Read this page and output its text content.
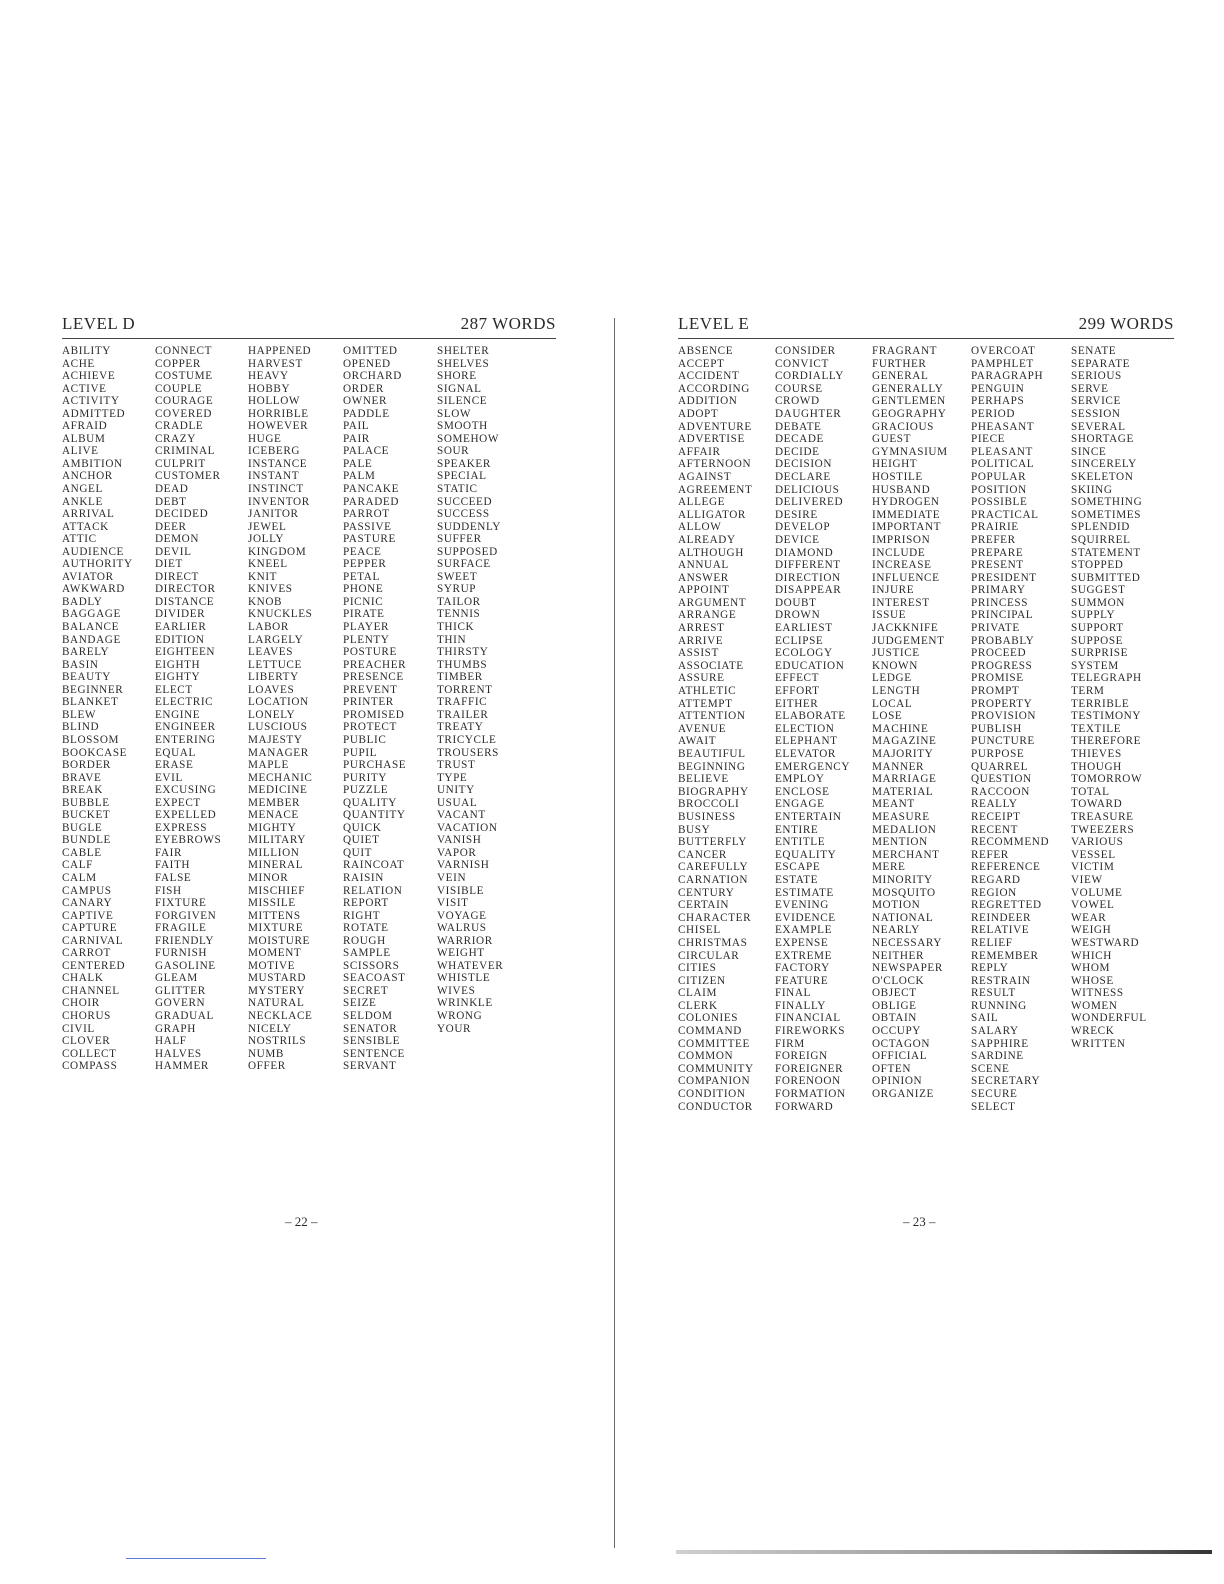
LEVEL D	287 WORDS
ABILITY
ACHE
ACHIEVE
ACTIVE
ACTIVITY
ADMITTED
AFRAID
ALBUM
ALIVE
AMBITION
ANCHOR
ANGEL
ANKLE
ARRIVAL
ATTACK
ATTIC
AUDIENCE
AUTHORITY
AVIATOR
AWKWARD
BADLY
BAGGAGE
BALANCE
BANDAGE
BARELY
BASIN
BEAUTY
BEGINNER
BLANKET
BLEW
BLIND
BLOSSOM
BOOKCASE
BORDER
BRAVE
BREAK
BUBBLE
BUCKET
BUGLE
BUNDLE
CABLE
CALF
CALM
CAMPUS
CANARY
CAPTIVE
CAPTURE
CARNIVAL
CARROT
CENTERED
CHALK
CHANNEL
CHOIR
CHORUS
CIVIL
CLOVER
COLLECT
COMPASS
CONNECT
COPPER
COSTUME
COUPLE
COURAGE
COVERED
CRADLE
CRAZY
CRIMINAL
CULPRIT
CUSTOMER
DEAD
DEBT
DECIDED
DEER
DEMON
DEVIL
DIET
DIRECT
DIRECTOR
DISTANCE
DIVIDER
EARLIER
EDITION
EIGHTEEN
EIGHTH
EIGHTY
ELECT
ELECTRIC
ENGINE
ENGINEER
ENTERING
EQUAL
ERASE
EVIL
EXCUSING
EXPECT
EXPELLED
EXPRESS
EYEBROWS
FAIR
FAITH
FALSE
FISH
FIXTURE
FORGIVEN
FRAGILE
FRIENDLY
FURNISH
GASOLINE
GLEAM
GLITTER
GOVERN
GRADUAL
GRAPH
HALF
HALVES
HAMMER
HAPPENED
HARVEST
HEAVY
HOBBY
HOLLOW
HORRIBLE
HOWEVER
HUGE
ICEBERG
INSTANCE
INSTANT
INSTINCT
INVENTOR
JANITOR
JEWEL
JOLLY
KINGDOM
KNEEL
KNIT
KNIVES
KNOB
KNUCKLES
LABOR
LARGELY
LEAVES
LETTUCE
LIBERTY
LOAVES
LOCATION
LONELY
LUSCIOUS
MAJESTY
MANAGER
MAPLE
MECHANIC
MEDICINE
MEMBER
MENACE
MIGHTY
MILITARY
MILLION
MINERAL
MINOR
MISCHIEF
MISSILE
MITTENS
MIXTURE
MOISTURE
MOMENT
MOTIVE
MUSTARD
MYSTERY
NATURAL
NECKLACE
NICELY
NOSTRILS
NUMB
OFFER
OMITTED
OPENED
ORCHARD
ORDER
OWNER
PADDLE
PAIL
PAIR
PALACE
PALE
PALM
PANCAKE
PARADED
PARROT
PASSIVE
PASTURE
PEACE
PEPPER
PETAL
PHONE
PICNIC
PIRATE
PLAYER
PLENTY
POSTURE
PREACHER
PRESENCE
PREVENT
PRINTER
PROMISED
PROTECT
PUBLIC
PUPIL
PURCHASE
PURITY
PUZZLE
QUALITY
QUANTITY
QUICK
QUIET
QUIT
RAINCOAT
RAISIN
RELATION
REPORT
RIGHT
ROTATE
ROUGH
SAMPLE
SCISSORS
SEACOAST
SECRET
SEIZE
SELDOM
SENATOR
SENSIBLE
SENTENCE
SERVANT
SHELTER
SHELVES
SHORE
SIGNAL
SILENCE
SLOW
SMOOTH
SOMEHOW
SOUR
SPEAKER
SPECIAL
STATIC
SUCCEED
SUCCESS
SUDDENLY
SUFFER
SUPPOSED
SURFACE
SWEET
SYRUP
TAILOR
TENNIS
THICK
THIN
THIRSTY
THUMBS
TIMBER
TORRENT
TRAFFIC
TRAILER
TREATY
TRICYCLE
TROUSERS
TRUST
TYPE
UNITY
USUAL
VACANT
VACATION
VANISH
VAPOR
VARNISH
VEIN
VISIBLE
VISIT
VOYAGE
WALRUS
WARRIOR
WEIGHT
WHATEVER
WHISTLE
WIVES
WRINKLE
WRONG
YOUR
– 22 –
LEVEL E	299 WORDS
ABSENCE
ACCEPT
ACCIDENT
ACCORDING
ADDITION
ADOPT
ADVENTURE
ADVERTISE
AFFAIR
AFTERNOON
AGAINST
AGREEMENT
ALLEGE
ALLIGATOR
ALLOW
ALREADY
ALTHOUGH
ANNUAL
ANSWER
APPOINT
ARGUMENT
ARRANGE
ARREST
ARRIVE
ASSIST
ASSOCIATE
ASSURE
ATHLETIC
ATTEMPT
ATTENTION
AVENUE
AWAIT
BEAUTIFUL
BEGINNING
BELIEVE
BIOGRAPHY
BROCCOLI
BUSINESS
BUSY
BUTTERFLY
CANCER
CAREFULLY
CARNATION
CENTURY
CERTAIN
CHARACTER
CHISEL
CHRISTMAS
CIRCULAR
CITIES
CITIZEN
CLAIM
CLERK
COLONIES
COMMAND
COMMITTEE
COMMON
COMMUNITY
COMPANION
CONDITION
CONDUCTOR
CONSIDER
CONVICT
CORDIALLY
COURSE
CROWD
DAUGHTER
DEBATE
DECADE
DECIDE
DECISION
DECLARE
DELICIOUS
DELIVERED
DESIRE
DEVELOP
DEVICE
DIAMOND
DIFFERENT
DIRECTION
DISAPPEAR
DOUBT
DROWN
EARLIEST
ECLIPSE
ECOLOGY
EDUCATION
EFFECT
EFFORT
EITHER
ELABORATE
ELECTION
ELEPHANT
ELEVATOR
EMERGENCY
EMPLOY
ENCLOSE
ENGAGE
ENTERTAIN
ENTIRE
ENTITLE
EQUALITY
ESCAPE
ESTATE
ESTIMATE
EVENING
EVIDENCE
EXAMPLE
EXPENSE
EXTREME
FACTORY
FEATURE
FINAL
FINALLY
FINANCIAL
FIREWORKS
FIRM
FOREIGN
FOREIGNER
FORENOON
FORMATION
FORWARD
FRAGRANT
FURTHER
GENERAL
GENERALLY
GENTLEMEN
GEOGRAPHY
GRACIOUS
GUEST
GYMNASIUM
HEIGHT
HOSTILE
HUSBAND
HYDROGEN
IMMEDIATE
IMPORTANT
IMPRISON
INCLUDE
INCREASE
INFLUENCE
INJURE
INTEREST
ISSUE
JACKKNIFE
JUDGEMENT
JUSTICE
KNOWN
LEDGE
LENGTH
LOCAL
LOSE
MACHINE
MAGAZINE
MAJORITY
MANNER
MARRIAGE
MATERIAL
MEANT
MEASURE
MEDALION
MENTION
MERCHANT
MERE
MINORITY
MOSQUITO
MOTION
NATIONAL
NEARLY
NECESSARY
NEITHER
NEWSPAPER
O'CLOCK
OBJECT
OBLIGE
OBTAIN
OCCUPY
OCTAGON
OFFICIAL
OFTEN
OPINION
ORGANIZE
OVERCOAT
PAMPHLET
PARAGRAPH
PENGUIN
PERHAPS
PERIOD
PHEASANT
PIECE
PLEASANT
POLITICAL
POPULAR
POSITION
POSSIBLE
PRACTICAL
PRAIRIE
PREFER
PREPARE
PRESENT
PRESIDENT
PRIMARY
PRINCESS
PRINCIPAL
PRIVATE
PROBABLY
PROCEED
PROGRESS
PROMISE
PROMPT
PROPERTY
PROVISION
PUBLISH
PUNCTURE
PURPOSE
QUARREL
QUESTION
RACCOON
REALLY
RECEIPT
RECENT
RECOMMEND
REFER
REFERENCE
REGARD
REGION
REGRETTED
REINDEER
RELATIVE
RELIEF
REMEMBER
REPLY
RESTRAIN
RESULT
RUNNING
SAIL
SALARY
SAPPHIRE
SARDINE
SCENE
SECRETARY
SECURE
SELECT
SENATE
SEPARATE
SERIOUS
SERVE
SERVICE
SESSION
SEVERAL
SHORTAGE
SINCE
SINCERELY
SKELETON
SKIING
SOMETHING
SOMETIMES
SPLENDID
SQUIRREL
STATEMENT
STOPPED
SUBMITTED
SUGGEST
SUMMON
SUPPLY
SUPPORT
SUPPOSE
SURPRISE
SYSTEM
TELEGRAPH
TERM
TERRIBLE
TESTIMONY
TEXTILE
THEREFORE
THIEVES
THOUGH
TOMORROW
TOTAL
TOWARD
TREASURE
TWEEZERS
VARIOUS
VESSEL
VICTIM
VIEW
VOLUME
VOWEL
WEAR
WEIGH
WESTWARD
WHICH
WHOM
WHOSE
WITNESS
WOMEN
WONDERFUL
WRECK
WRITTEN
– 23 –
